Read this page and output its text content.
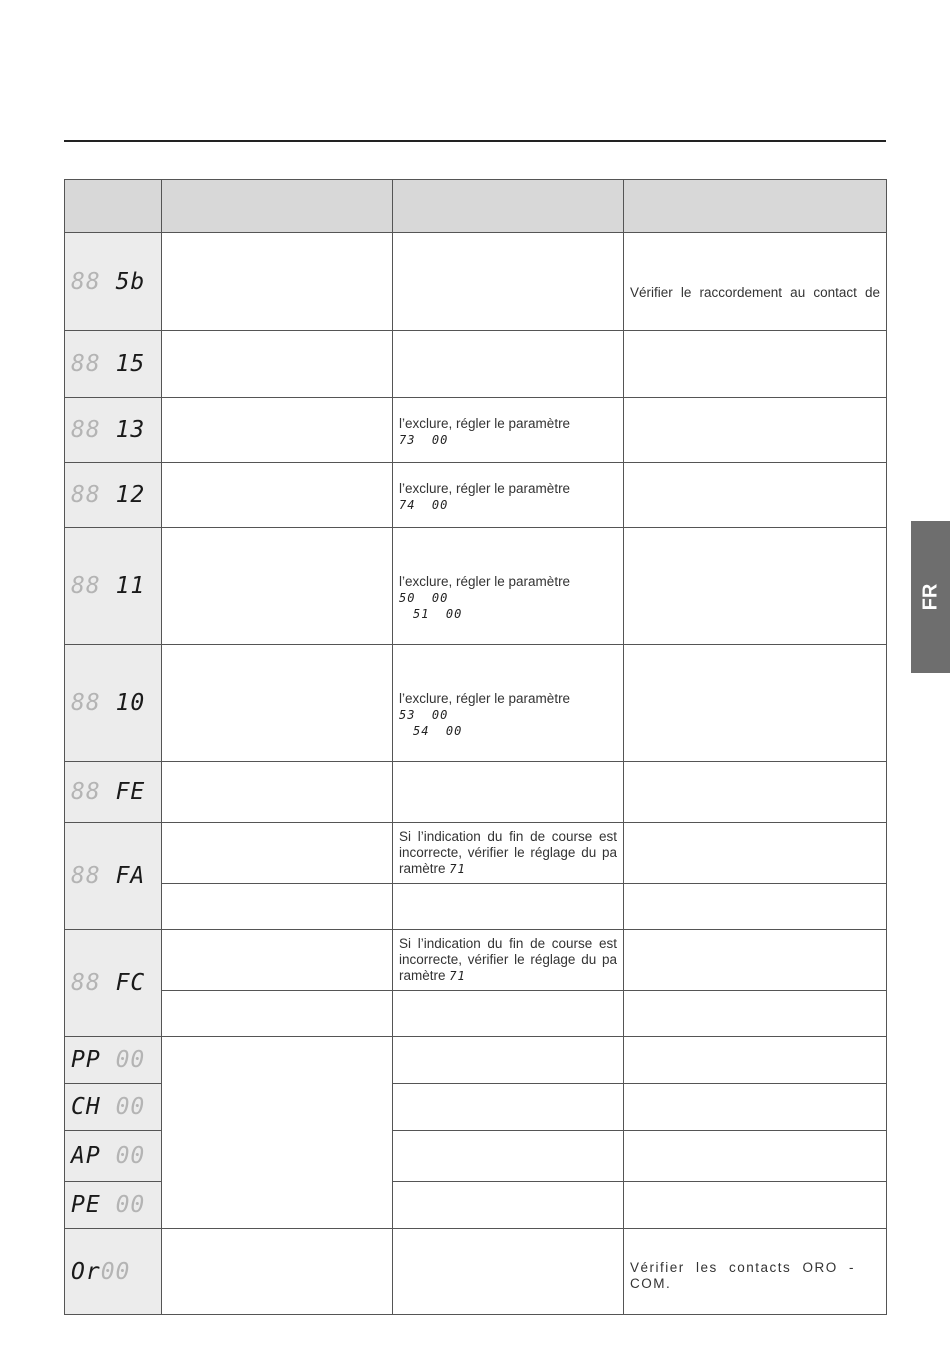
88 5b			Vérifier le raccordement au contact de
88 15			
88 13		l’exclure, régler le paramètre 73  00	
88 12		l’exclure, régler le paramètre 74  00	
88 11		l’exclure, régler le paramètre 50  00
51  00	
88 10		l’exclure, régler le paramètre 53  00
54  00	
88 FE			
88 FA		Si l’indication du fin de course est incorrecte, vérifier le réglage du pa ramètre 71	

88 FC		Si l’indication du fin de course est incorrecte, vérifier le réglage du pa ramètre 71	

PP 00			
CH 00			
AP 00			
PE 00			
Or00			Vérifier les contacts ORO - COM.
FR
